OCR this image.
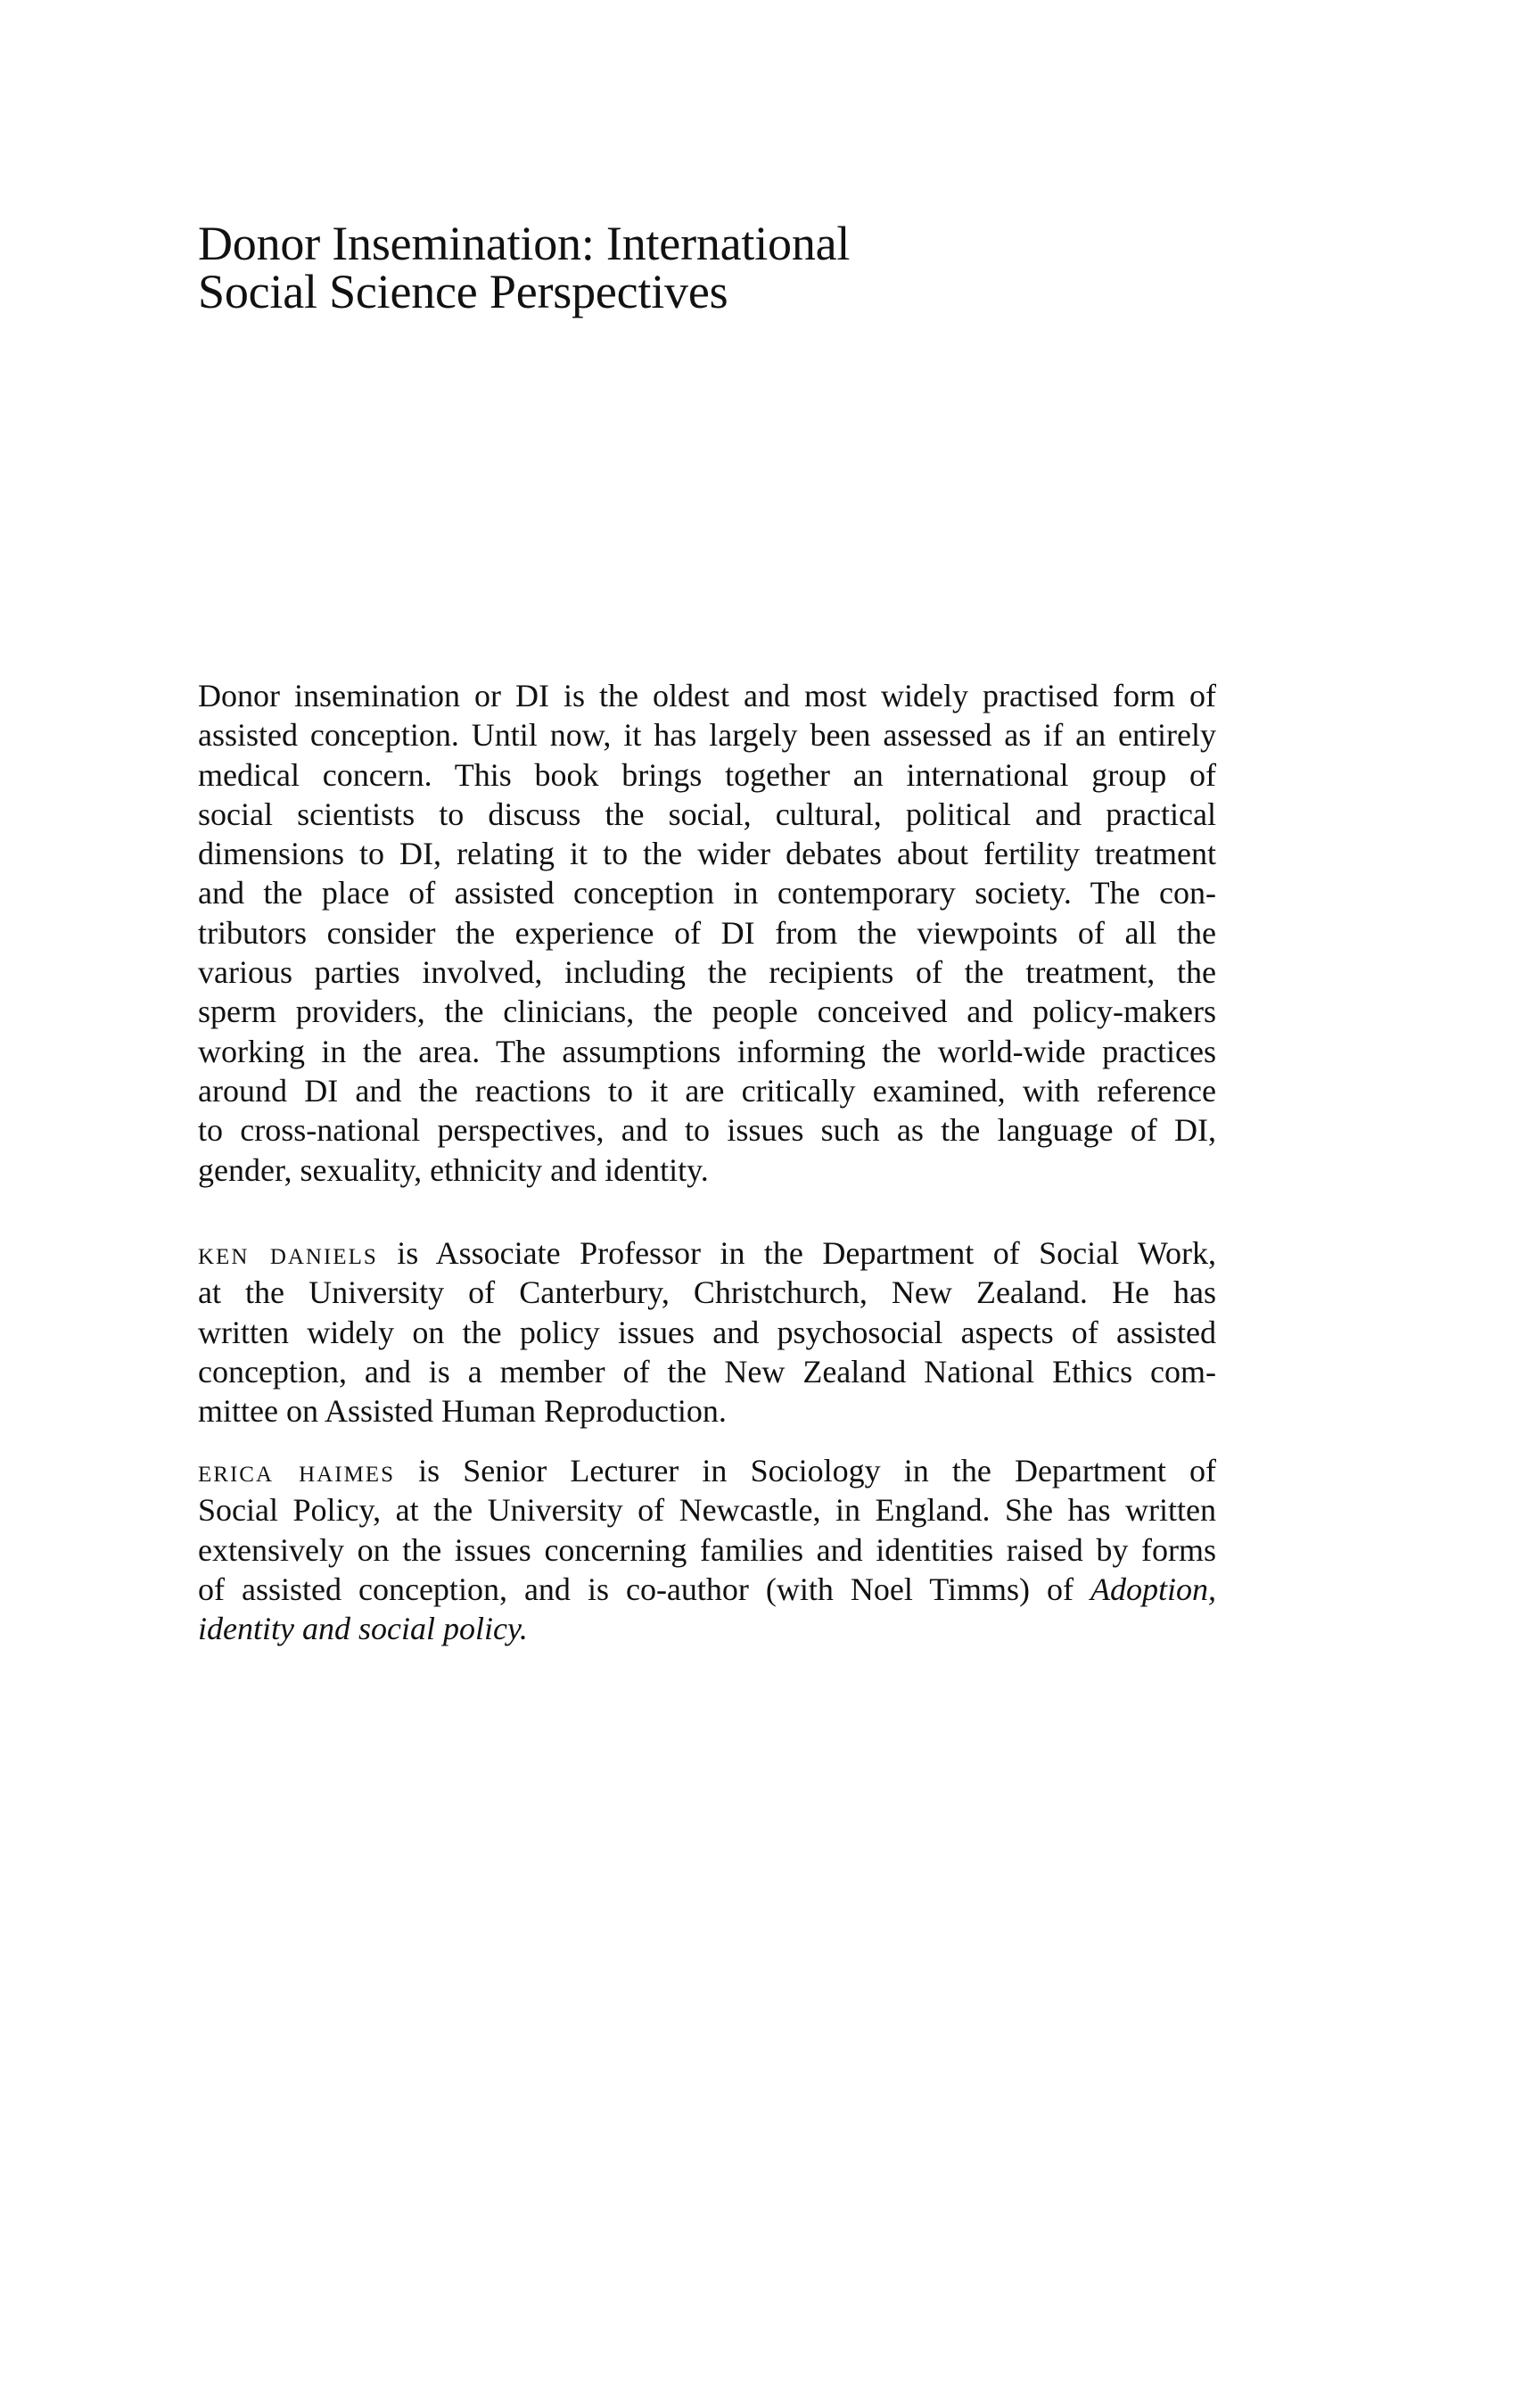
Donor Insemination: International
Social Science Perspectives
Donor insemination or DI is the oldest and most widely practised form of
assisted conception. Until now, it has largely been assessed as if an entirely
medical concern. This book brings together an international group of
social scientists to discuss the social, cultural, political and practical
dimensions to DI, relating it to the wider debates about fertility treatment
and the place of assisted conception in contemporary society. The con-
tributors consider the experience of DI from the viewpoints of all the
various parties involved, including the recipients of the treatment, the
sperm providers, the clinicians, the people conceived and policy-makers
working in the area. The assumptions informing the world-wide practices
around DI and the reactions to it are critically examined, with reference
to cross-national perspectives, and to issues such as the language of DI,
gender, sexuality, ethnicity and identity.
ken daniels is Associate Professor in the Department of Social Work,
at the University of Canterbury, Christchurch, New Zealand. He has
written widely on the policy issues and psychosocial aspects of assisted
conception, and is a member of the New Zealand National Ethics com-
mittee on Assisted Human Reproduction.
erica haimes is Senior Lecturer in Sociology in the Department of
Social Policy, at the University of Newcastle, in England. She has written
extensively on the issues concerning families and identities raised by forms
of assisted conception, and is co-author (with Noel Timms) of Adoption,
identity and social policy.
